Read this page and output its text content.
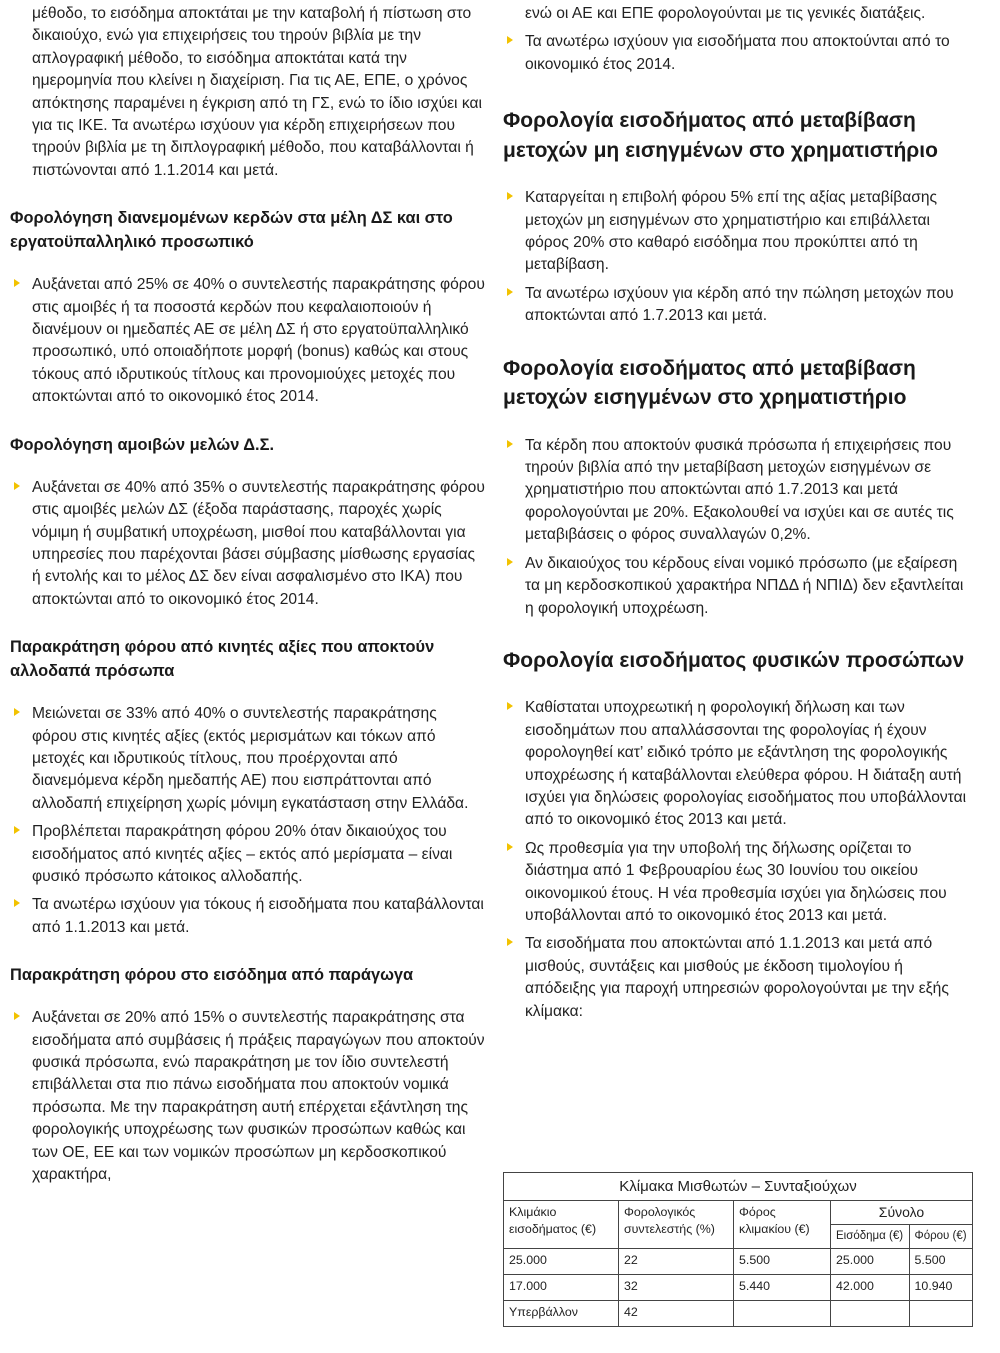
μέθοδο, το εισόδημα αποκτάται με την καταβολή ή πίστωση στο δικαιούχο, ενώ για επιχειρήσεις του τηρούν βιβλία με την απλογραφική μέθοδο, το εισόδημα αποκτάται κατά την ημερομηνία που κλείνει η διαχείριση. Για τις ΑΕ, ΕΠΕ, ο χρόνος απόκτησης παραμένει η έγκριση από τη ΓΣ, ενώ το ίδιο ισχύει και για τις ΙΚΕ. Τα ανωτέρω ισχύουν για κέρδη επιχειρήσεων που τηρούν βιβλία με τη διπλογραφική μέθοδο, που καταβάλλονται ή πιστώνονται από 1.1.2014 και μετά.

Φορολόγηση διανεμομένων κερδών στα μέλη ΔΣ και στο εργατοϋπαλληλικό προσωπικό
Αυξάνεται από 25% σε 40% ο συντελεστής παρακράτησης φόρου στις αμοιβές ή τα ποσοστά κερδών που κεφαλαιοποιούν ή διανέμουν οι ημεδαπές ΑΕ σε μέλη ΔΣ ή στο εργατοϋπαλληλικό προσωπικό, υπό οποιαδήποτε μορφή (bonus) καθώς και στους τόκους από ιδρυτικούς τίτλους και προνομιούχες μετοχές που αποκτώνται από το οικονομικό έτος 2014.
Φορολόγηση αμοιβών μελών Δ.Σ.
Αυξάνεται σε 40% από 35% ο συντελεστής παρακράτησης φόρου στις αμοιβές μελών ΔΣ (έξοδα παράστασης, παροχές χωρίς νόμιμη ή συμβατική υποχρέωση, μισθοί που καταβάλλονται για υπηρεσίες που παρέχονται βάσει σύμβασης μίσθωσης εργασίας ή εντολής και το μέλος ΔΣ δεν είναι ασφαλισμένο στο ΙΚΑ) που αποκτώνται από το οικονομικό έτος 2014.
Παρακράτηση φόρου από κινητές αξίες που αποκτούν αλλοδαπά πρόσωπα
Μειώνεται σε 33% από 40% ο συντελεστής παρακράτησης φόρου στις κινητές αξίες (εκτός μερισμάτων και τόκων από μετοχές και ιδρυτικούς τίτλους, που προέρχονται από διανεμόμενα κέρδη ημεδαπής ΑΕ) που εισπράττονται από αλλοδαπή επιχείρηση χωρίς μόνιμη εγκατάσταση στην Ελλάδα.
Προβλέπεται παρακράτηση φόρου 20% όταν δικαιούχος του εισοδήματος από κινητές αξίες – εκτός από μερίσματα – είναι φυσικό πρόσωπο κάτοικος αλλοδαπής.
Τα ανωτέρω ισχύουν για τόκους ή εισοδήματα που καταβάλλονται από 1.1.2013 και μετά.
Παρακράτηση φόρου στο εισόδημα από παράγωγα
Αυξάνεται σε 20% από 15% ο συντελεστής παρακράτησης στα εισοδήματα από συμβάσεις ή πράξεις παραγώγων που αποκτούν φυσικά πρόσωπα, ενώ παρακράτηση με τον ίδιο συντελεστή επιβάλλεται στα πιο πάνω εισοδήματα που αποκτούν νομικά πρόσωπα. Με την παρακράτηση αυτή επέρχεται εξάντληση της φορολογικής υποχρέωσης των φυσικών προσώπων καθώς και των ΟΕ, ΕΕ και των νομικών προσώπων μη κερδοσκοπικού χαρακτήρα,

ενώ οι ΑΕ και ΕΠΕ φορολογούνται με τις γενικές διατάξεις.

Τα ανωτέρω ισχύουν για εισοδήματα που αποκτούνται από το οικονομικό έτος 2014.
Φορολογία εισοδήματος από μεταβίβαση μετοχών μη εισηγμένων στο χρηματιστήριο
Καταργείται η επιβολή φόρου 5% επί της αξίας μεταβίβασης μετοχών μη εισηγμένων στο χρηματιστήριο και επιβάλλεται φόρος 20% στο καθαρό εισόδημα που προκύπτει από τη μεταβίβαση.
Τα ανωτέρω ισχύουν για κέρδη από την πώληση μετοχών που αποκτώνται από 1.7.2013 και μετά.
Φορολογία εισοδήματος από μεταβίβαση μετοχών εισηγμένων στο χρηματιστήριο
Τα κέρδη που αποκτούν φυσικά πρόσωπα ή επιχειρήσεις που τηρούν βιβλία από την μεταβίβαση μετοχών εισηγμένων σε χρηματιστήριο που αποκτώνται από 1.7.2013 και μετά φορολογούνται με 20%. Εξακολουθεί να ισχύει και σε αυτές τις μεταβιβάσεις ο φόρος συναλλαγών 0,2%.
Αν δικαιούχος του κέρδους είναι νομικό πρόσωπο (με εξαίρεση τα μη κερδοσκοπικού χαρακτήρα ΝΠΔΔ ή ΝΠΙΔ) δεν εξαντλείται η φορολογική υποχρέωση.
Φορολογία εισοδήματος φυσικών προσώπων
Καθίσταται υποχρεωτική η φορολογική δήλωση και των εισοδημάτων που απαλλάσσονται της φορολογίας ή έχουν φορολογηθεί κατ’ ειδικό τρόπο με εξάντληση της φορολογικής υποχρέωσης ή καταβάλλονται ελεύθερα φόρου. Η διάταξη αυτή ισχύει για δηλώσεις φορολογίας εισοδήματος που υποβάλλονται από το οικονομικό έτος 2013 και μετά.
Ως προθεσμία για την υποβολή της δήλωσης ορίζεται το διάστημα από 1 Φεβρουαρίου έως 30 Ιουνίου του οικείου οικονομικού έτους. Η νέα προθεσμία ισχύει για δηλώσεις που υποβάλλονται από το οικονομικό έτος 2013 και μετά.
Τα εισοδήματα που αποκτώνται από 1.1.2013 και μετά από μισθούς, συντάξεις και μισθούς με έκδοση τιμολογίου ή απόδειξης για παροχή υπηρεσιών φορολογούνται με την εξής κλίμακα:
Κλίμακα Μισθωτών – Συνταξιούχων				
Κλιμάκιο εισοδήματος (€)	Φορολογικός συντελεστής (%)	Φόρος κλιμακίου (€)	Σύνολο	
			Εισόδημα (€)	Φόρου (€)
25.000	22	5.500	25.000	5.500
17.000	32	5.440	42.000	10.940
Υπερβάλλον	42			
